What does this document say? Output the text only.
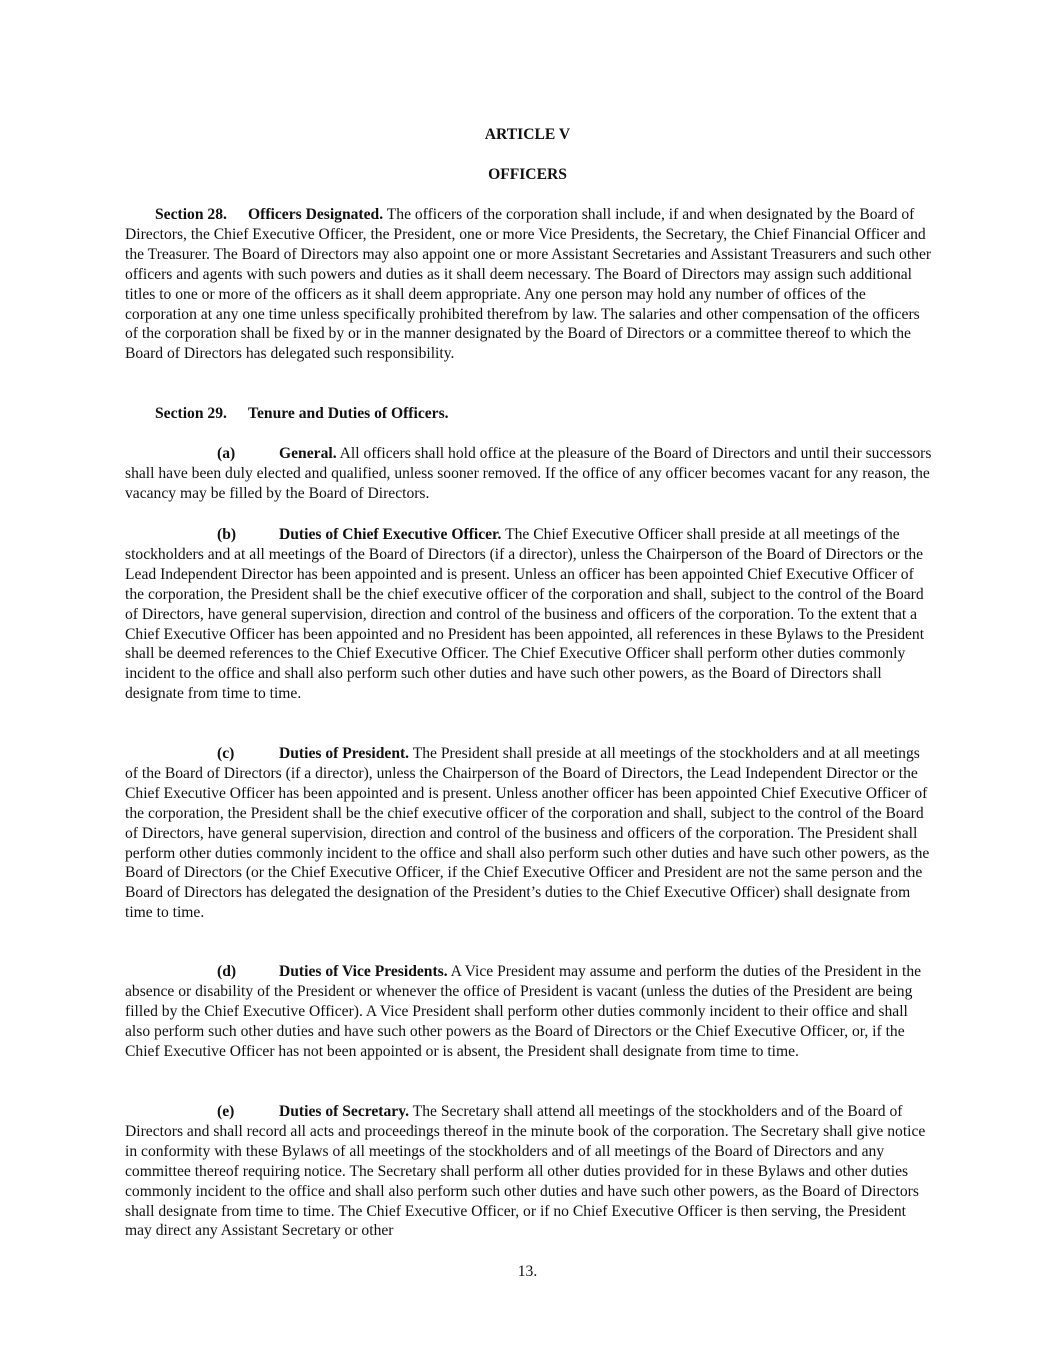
ARTICLE V
OFFICERS

Section 28. Officers Designated. The officers of the corporation shall include, if and when designated by the Board of Directors, the Chief Executive Officer, the President, one or more Vice Presidents, the Secretary, the Chief Financial Officer and the Treasurer. The Board of Directors may also appoint one or more Assistant Secretaries and Assistant Treasurers and such other officers and agents with such powers and duties as it shall deem necessary. The Board of Directors may assign such additional titles to one or more of the officers as it shall deem appropriate. Any one person may hold any number of offices of the corporation at any one time unless specifically prohibited therefrom by law. The salaries and other compensation of the officers of the corporation shall be fixed by or in the manner designated by the Board of Directors or a committee thereof to which the Board of Directors has delegated such responsibility.

Section 29. Tenure and Duties of Officers.

(a)	General. All officers shall hold office at the pleasure of the Board of Directors and until their successors shall have been duly elected and qualified, unless sooner removed. If the office of any officer becomes vacant for any reason, the vacancy may be filled by the Board of Directors.

(b)	Duties of Chief Executive Officer. The Chief Executive Officer shall preside at all meetings of the stockholders and at all meetings of the Board of Directors (if a director), unless the Chairperson of the Board of Directors or the Lead Independent Director has been appointed and is present. Unless an officer has been appointed Chief Executive Officer of the corporation, the President shall be the chief executive officer of the corporation and shall, subject to the control of the Board of Directors, have general supervision, direction and control of the business and officers of the corporation. To the extent that a Chief Executive Officer has been appointed and no President has been appointed, all references in these Bylaws to the President shall be deemed references to the Chief Executive Officer. The Chief Executive Officer shall perform other duties commonly incident to the office and shall also perform such other duties and have such other powers, as the Board of Directors shall designate from time to time.

(c)	Duties of President. The President shall preside at all meetings of the stockholders and at all meetings of the Board of Directors (if a director), unless the Chairperson of the Board of Directors, the Lead Independent Director or the Chief Executive Officer has been appointed and is present. Unless another officer has been appointed Chief Executive Officer of the corporation, the President shall be the chief executive officer of the corporation and shall, subject to the control of the Board of Directors, have general supervision, direction and control of the business and officers of the corporation. The President shall perform other duties commonly incident to the office and shall also perform such other duties and have such other powers, as the Board of Directors (or the Chief Executive Officer, if the Chief Executive Officer and President are not the same person and the Board of Directors has delegated the designation of the President’s duties to the Chief Executive Officer) shall designate from time to time.

(d)	Duties of Vice Presidents. A Vice President may assume and perform the duties of the President in the absence or disability of the President or whenever the office of President is vacant (unless the duties of the President are being filled by the Chief Executive Officer). A Vice President shall perform other duties commonly incident to their office and shall also perform such other duties and have such other powers as the Board of Directors or the Chief Executive Officer, or, if the Chief Executive Officer has not been appointed or is absent, the President shall designate from time to time.

(e)	Duties of Secretary. The Secretary shall attend all meetings of the stockholders and of the Board of Directors and shall record all acts and proceedings thereof in the minute book of the corporation. The Secretary shall give notice in conformity with these Bylaws of all meetings of the stockholders and of all meetings of the Board of Directors and any committee thereof requiring notice. The Secretary shall perform all other duties provided for in these Bylaws and other duties commonly incident to the office and shall also perform such other duties and have such other powers, as the Board of Directors shall designate from time to time. The Chief Executive Officer, or if no Chief Executive Officer is then serving, the President may direct any Assistant Secretary or other

13.
